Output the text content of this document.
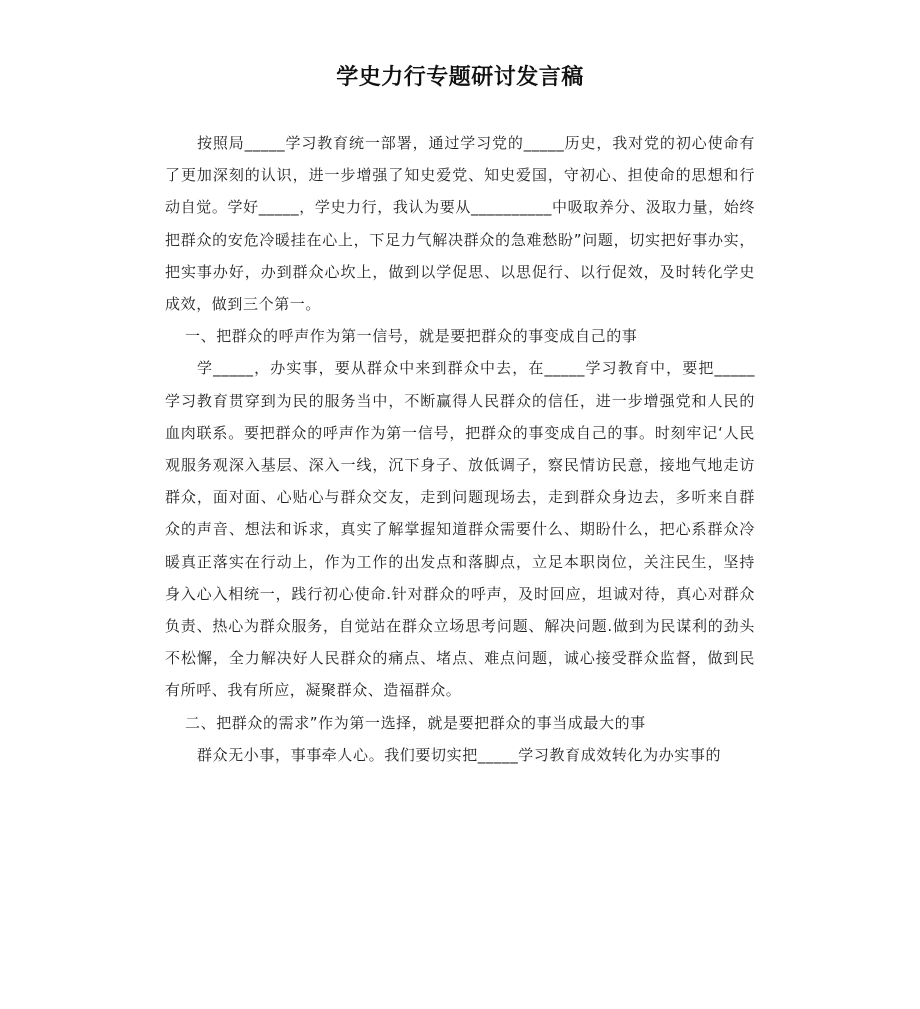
学史力行专题研讨发言稿

按照局_____学习教育统一部署，通过学习党的_____历史，我对党的初心使命有了更加深刻的认识，进一步增强了知史爱党、知史爱国，守初心、担使命的思想和行动自觉。学好_____，学史力行，我认为要从__________中吸取养分、汲取力量，始终把群众的安危冷暖挂在心上，下足力气解决群众的急难愁盼”问题，切实把好事办实，把实事办好，办到群众心坎上，做到以学促思、以思促行、以行促效，及时转化学史成效，做到三个第一。

一、把群众的呼声作为第一信号，就是要把群众的事变成自己的事

学_____，办实事，要从群众中来到群众中去，在_____学习教育中，要把_____学习教育贯穿到为民的服务当中，不断赢得人民群众的信任，进一步增强党和人民的血肉联系。要把群众的呼声作为第一信号，把群众的事变成自己的事。时刻牢记‘人民观服务观深入基层、深入一线，沉下身子、放低调子，察民情访民意，接地气地走访群众，面对面、心贴心与群众交友，走到问题现场去，走到群众身边去，多听来自群众的声音、想法和诉求，真实了解掌握知道群众需要什么、期盼什么，把心系群众冷暖真正落实在行动上，作为工作的出发点和落脚点，立足本职岗位，关注民生，坚持身入心入相统一，践行初心使命.针对群众的呼声，及时回应，坦诚对待，真心对群众负责、热心为群众服务，自觉站在群众立场思考问题、解决问题.做到为民谋利的劲头不松懈，全力解决好人民群众的痛点、堵点、难点问题，诚心接受群众监督，做到民有所呼、我有所应，凝聚群众、造福群众。

二、把群众的需求”作为第一选择，就是要把群众的事当成最大的事

群众无小事，事事牵人心。我们要切实把_____学习教育成效转化为办实事的
